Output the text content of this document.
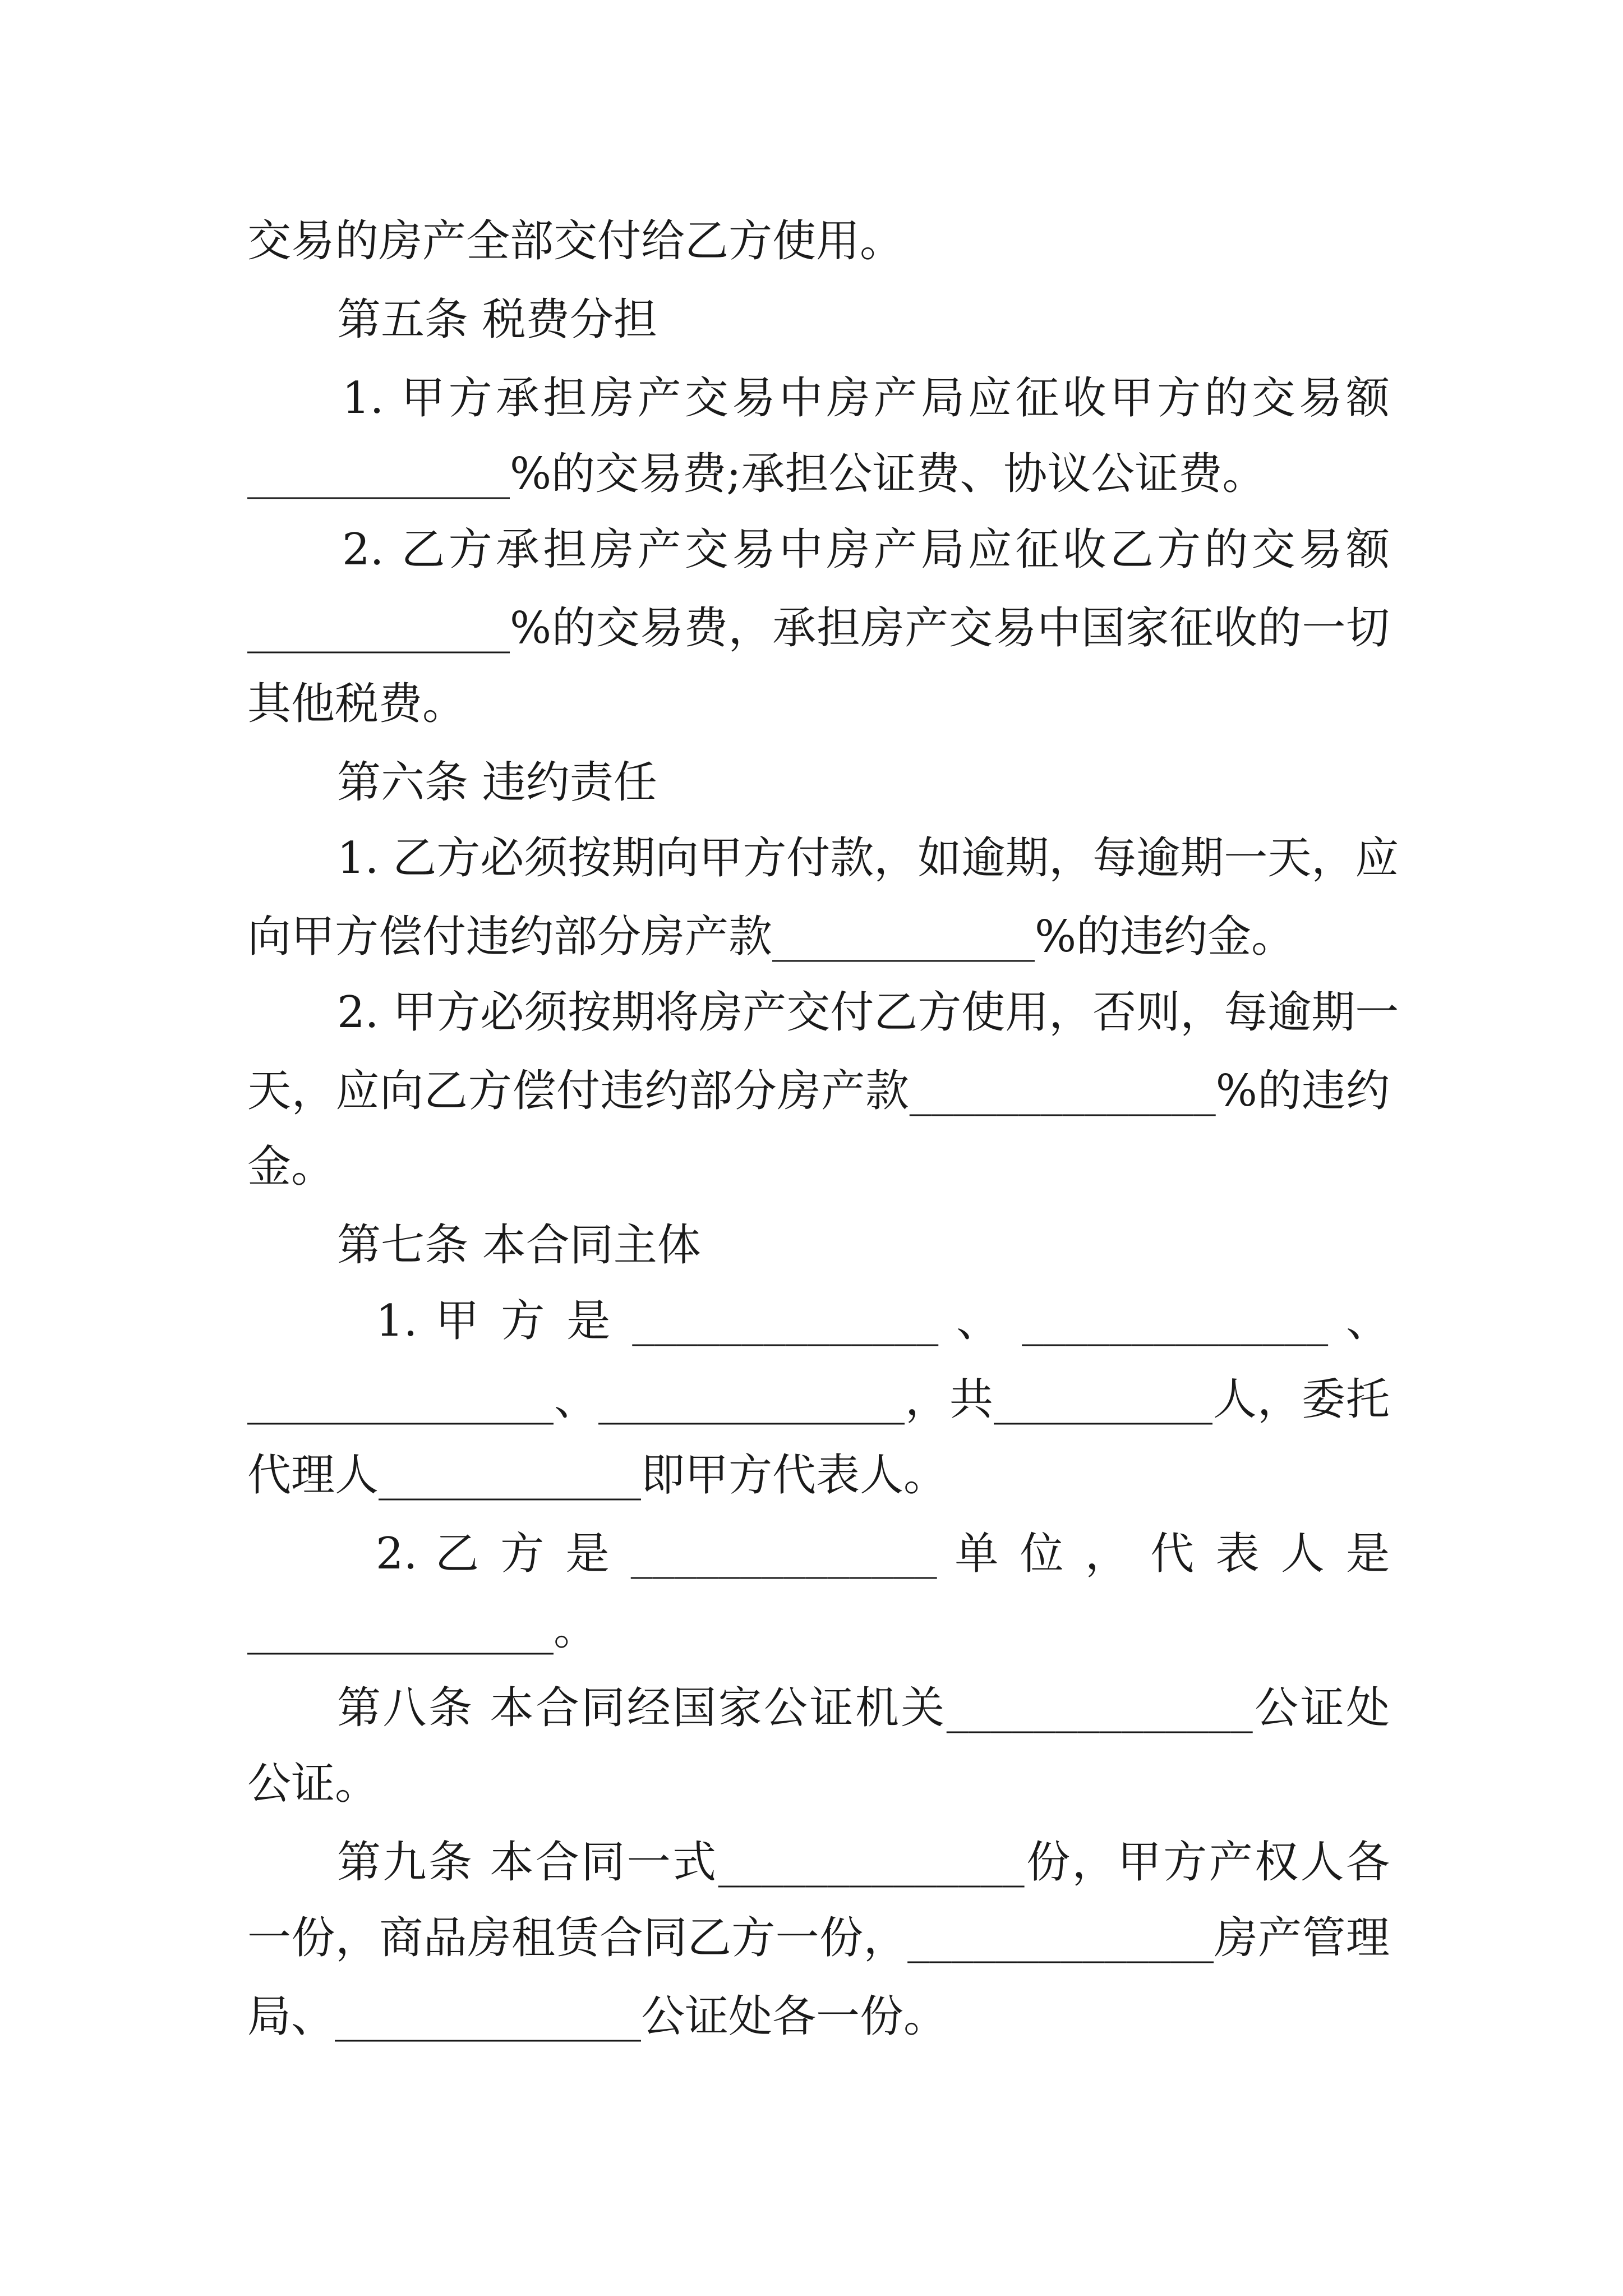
交易的房产全部交付给乙方使用。
第五条 税费分担
1. 甲方承担房产交易中房产局应征收甲方的交易额
____________%的交易费;承担公证费、协议公证费。
2. 乙方承担房产交易中房产局应征收乙方的交易额
____________%的交易费，承担房产交易中国家征收的一切
其他税费。
第六条 违约责任
1. 乙方必须按期向甲方付款，如逾期，每逾期一天，应
向甲方偿付违约部分房产款____________%的违约金。
2. 甲方必须按期将房产交付乙方使用，否则，每逾期一
天，应向乙方偿付违约部分房产款______________%的违约
金。
第七条 本合同主体
1. 甲 方 是 ______________ 、 ______________ 、
______________、______________，共__________人，委托
代理人____________即甲方代表人。
2. 乙 方 是 ______________ 单 位 ， 代 表 人 是
______________。
第八条 本合同经国家公证机关______________公证处
公证。
第九条 本合同一式______________份，甲方产权人各
一份，商品房租赁合同乙方一份，______________房产管理
局、______________公证处各一份。
